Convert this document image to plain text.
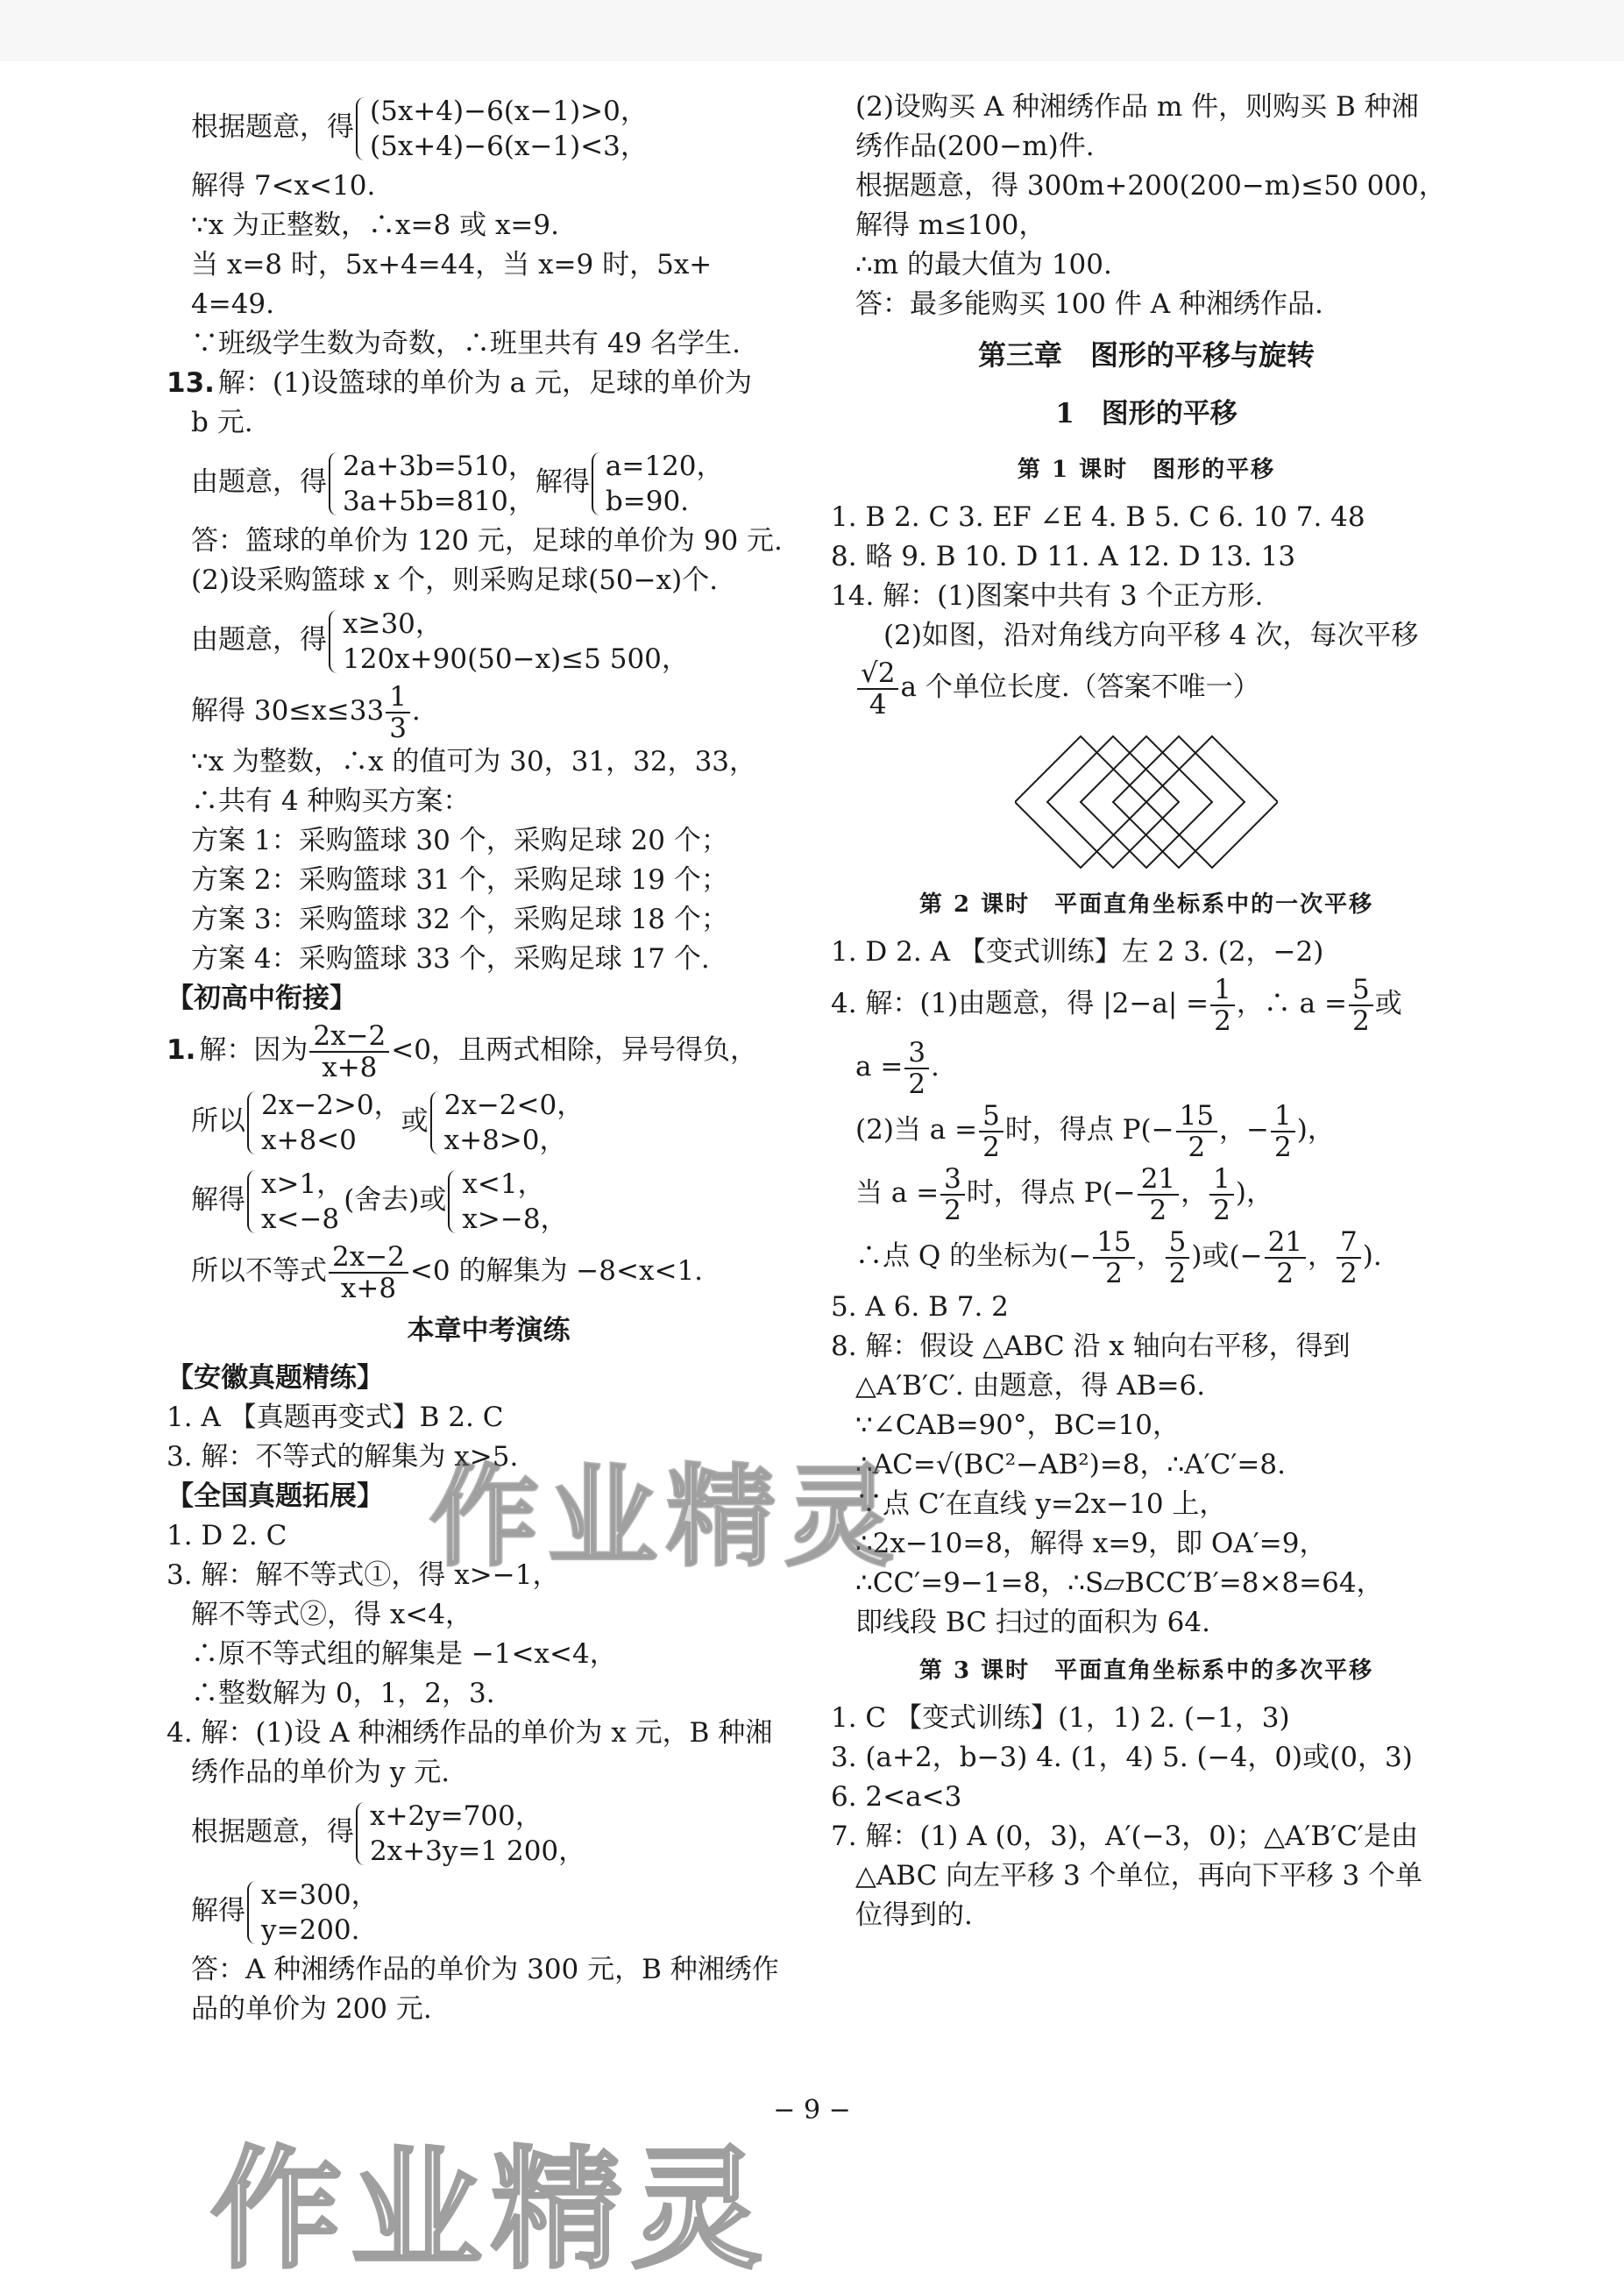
根据题意，得
(5x+4)−6(x−1)>0，
(5x+4)−6(x−1)<3，
解得 7<x<10.
∵x 为正整数，∴x=8 或 x=9.
当 x=8 时，5x+4=44，当 x=9 时，5x+
4=49.
∵班级学生数为奇数，∴班里共有 49 名学生.
13. 解：(1)设篮球的单价为 a 元，足球的单价为
b 元.
由题意，得
2a+3b=510，
3a+5b=810，
解得
a=120，
b=90.
答：篮球的单价为 120 元，足球的单价为 90 元.
(2)设采购篮球 x 个，则采购足球(50−x)个.
由题意，得
x≥30，
120x+90(50−x)≤5 500，
解得 $30\le x\le 33 \frac{1}{3}$ .
∵x 为整数，∴x 的值可为 30，31，32，33，
∴共有 4 种购买方案：
方案 1：采购篮球 30 个，采购足球 20 个；
方案 2：采购篮球 31 个，采购足球 19 个；
方案 3：采购篮球 32 个，采购足球 18 个；
方案 4：采购篮球 33 个，采购足球 17 个.
【初高中衔接】
1. 解：因为 $\frac{2x-2}{x+8} <0$，且两式相除，异号得负，
所以
2x−2>0，
x+8<0
或
2x−2<0，
x+8>0，
解得
x>1，
x<−8
(舍去)或
x<1，
x>−8，
所以不等式 $\frac{2x-2}{x+8} <0$ 的解集为 −8<x<1.
本章中考演练
【安徽真题精练】
1. A 【真题再变式】B 2. C
3. 解：不等式的解集为 x>5.
【全国真题拓展】
1. D 2. C
3. 解：解不等式①，得 x>−1，
解不等式②，得 x<4，
∴原不等式组的解集是 −1<x<4，
∴整数解为 0，1，2，3.
4. 解：(1)设 A 种湘绣作品的单价为 x 元，B 种湘
绣作品的单价为 y 元.
根据题意，得
x+2y=700，
2x+3y=1 200，
解得
x=300，
y=200.
答：A 种湘绣作品的单价为 300 元，B 种湘绣作
品的单价为 200 元.
(2)设购买 A 种湘绣作品 m 件，则购买 B 种湘
绣作品(200−m)件.
根据题意，得 300m+200(200−m)≤50 000，
解得 m≤100，
∴m 的最大值为 100.
答：最多能购买 100 件 A 种湘绣作品.
第三章　图形的平移与旋转
1　图形的平移
第 1 课时　图形的平移
1. B 2. C 3. EF ∠E 4. B 5. C 6. 10 7. 48
8. 略 9. B 10. D 11. A 12. D 13. 13
14. 解：(1)图案中共有 3 个正方形.
(2)如图，沿对角线方向平移 4 次，每次平移
$\frac{√2}{4}$ a 个单位长度.（答案不唯一）
第 2 课时　平面直角坐标系中的一次平移
1. D 2. A 【变式训练】左 2 3. (2，−2)
4. 解：(1)由题意，得 $|2-a| = \frac{1}{2}$ ，∴ $a = \frac{5}{2}$ 或
$a = \frac{3}{2}$ .
(2)当 $a = \frac{5}{2}$ 时，得点 $P(- \frac{15}{2}$ ，− $\frac{1}{2}$ )，
当 $a = \frac{3}{2}$ 时，得点 $P(- \frac{21}{2}$ ， $\frac{1}{2}$ )，
∴点 Q 的坐标为(− $\frac{15}{2}$ ， $\frac{5}{2}$ )或(− $\frac{21}{2}$ ， $\frac{7}{2}$ ).
5. A 6. B 7. 2
8. 解：假设 △ABC 沿 x 轴向右平移，得到
△A′B′C′. 由题意，得 AB=6.
∵∠CAB=90°，BC=10，
∴AC=√(BC²−AB²)=8，∴A′C′=8.
∵点 C′在直线 y=2x−10 上，
∴2x−10=8，解得 x=9，即 OA′=9，
∴CC′=9−1=8，∴S▱BCC′B′=8×8=64，
即线段 BC 扫过的面积为 64.
第 3 课时　平面直角坐标系中的多次平移
1. C 【变式训练】(1，1) 2. (−1，3)
3. (a+2，b−3) 4. (1，4) 5. (−4，0)或(0，3)
6. 2<a<3
7. 解：(1) A (0，3)，A′(−3，0)；△A′B′C′是由
△ABC 向左平移 3 个单位，再向下平移 3 个单
位得到的.
− 9 −
作业精灵
作业精灵
